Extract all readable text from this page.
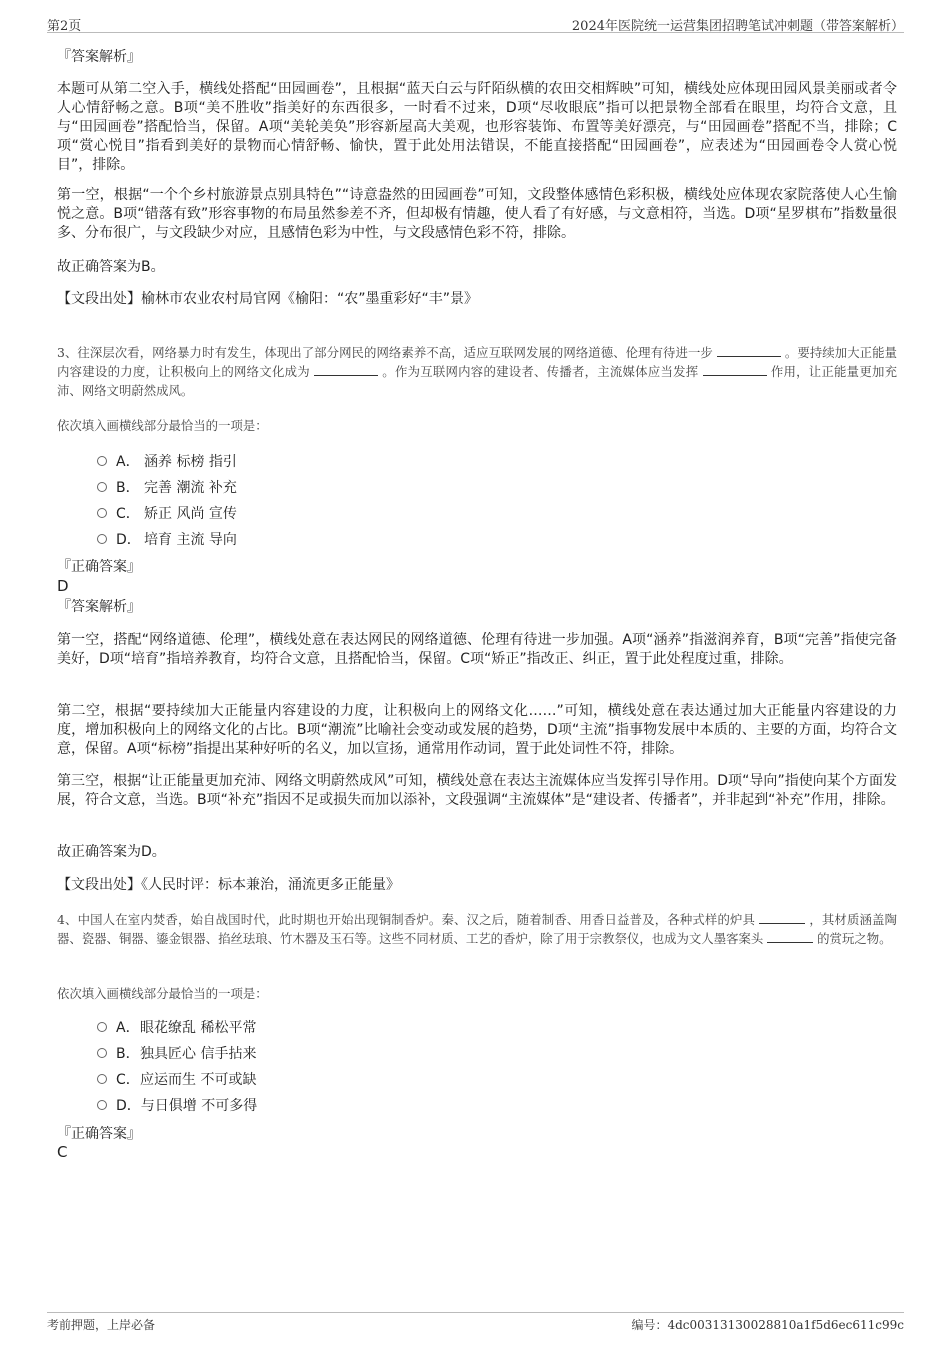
第2页	2024年医院统一运营集团招聘笔试冲刺题（带答案解析）
『答案解析』
本题可从第二空入手，横线处搭配“田园画卷”，且根据“蓝天白云与阡陌纵横的农田交相辉映”可知，横线处应体现田园风景美丽或者令人心情舒畅之意。B项“美不胜收”指美好的东西很多，一时看不过来，D项“尽收眼底”指可以把景物全部看在眼里，均符合文意，且与“田园画卷”搭配恰当，保留。A项“美轮美奂”形容新屋高大美观，也形容装饰、布置等美好漂亮，与“田园画卷”搭配不当，排除；C项“赏心悦目”指看到美好的景物而心情舒畅、愉快，置于此处用法错误，不能直接搭配“田园画卷”，应表述为“田园画卷令人赏心悦目”，排除。
第一空，根据“一个个乡村旅游景点别具特色”“诗意盎然的田园画卷”可知，文段整体感情色彩积极，横线处应体现农家院落使人心生愉悦之意。B项“错落有致”形容事物的布局虽然参差不齐，但却极有情趣，使人看了有好感，与文意相符，当选。D项“星罗棋布”指数量很多、分布很广，与文段缺少对应，且感情色彩为中性，与文段感情色彩不符，排除。
故正确答案为B。
【文段出处】榆林市农业农村局官网《榆阳：“农”墨重彩好“丰”景》
3、往深层次看，网络暴力时有发生，体现出了部分网民的网络素养不高，适应互联网发展的网络道德、伦理有待进一步	。要持续加大正能量内容建设的力度，让积极向上的网络文化成为	。作为互联网内容的建设者、传播者，主流媒体应当发挥	作用，让正能量更加充沛、网络文明蔚然成风。
依次填入画横线部分最恰当的一项是：
A． 涵养 标榜 指引
B． 完善 潮流 补充
C． 矫正 风尚 宣传
D． 培育 主流 导向
『正确答案』
D
『答案解析』
第一空，搭配“网络道德、伦理”，横线处意在表达网民的网络道德、伦理有待进一步加强。A项“涵养”指滋润养育，B项“完善”指使完备美好，D项“培育”指培养教育，均符合文意，且搭配恰当，保留。C项“矫正”指改正、纠正，置于此处程度过重，排除。
第二空，根据“要持续加大正能量内容建设的力度，让积极向上的网络文化……”可知，横线处意在表达通过加大正能量内容建设的力度，增加积极向上的网络文化的占比。B项“潮流”比喻社会变动或发展的趋势，D项“主流”指事物发展中本质的、主要的方面，均符合文意，保留。A项“标榜”指提出某种好听的名义，加以宣扬，通常用作动词，置于此处词性不符，排除。
第三空，根据“让正能量更加充沛、网络文明蔚然成风”可知，横线处意在表达主流媒体应当发挥引导作用。D项“导向”指使向某个方面发展，符合文意，当选。B项“补充”指因不足或损失而加以添补，文段强调“主流媒体”是“建设者、传播者”，并非起到“补充”作用，排除。
故正确答案为D。
【文段出处】《人民时评：标本兼治，涌流更多正能量》
4、中国人在室内焚香，始自战国时代，此时期也开始出现铜制香炉。秦、汉之后，随着制香、用香日益普及，各种式样的炉具	，其材质涵盖陶器、瓷器、铜器、鎏金银器、掐丝珐琅、竹木器及玉石等。这些不同材质、工艺的香炉，除了用于宗教祭仪，也成为文人墨客案头	的赏玩之物。
依次填入画横线部分最恰当的一项是：
A．眼花缭乱 稀松平常
B．独具匠心 信手拈来
C．应运而生 不可或缺
D．与日俱增 不可多得
『正确答案』
C
考前押题，上岸必备	编号：4dc00313130028810a1f5d6ec611c99c
